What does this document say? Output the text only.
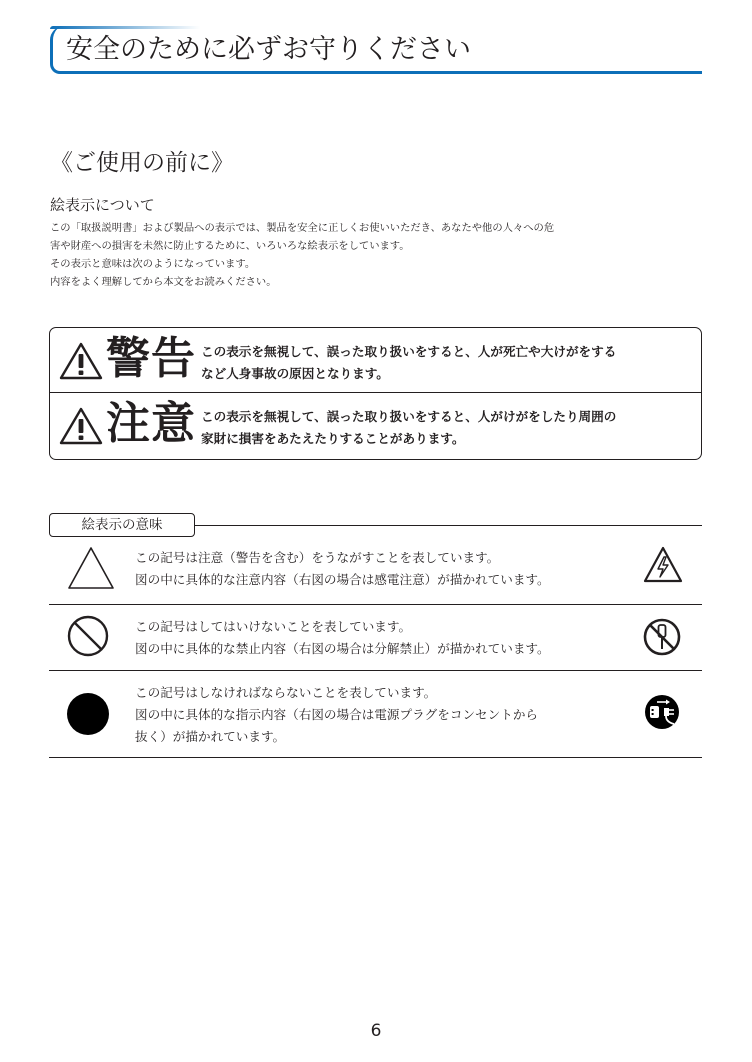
安全のために必ずお守りください
《ご使用の前に》
絵表示について
この「取扱説明書」および製品への表示では、製品を安全に正しくお使いいただき、あなたや他の人々への危
害や財産への損害を未然に防止するために、いろいろな絵表示をしています。
その表示と意味は次のようになっています。
内容をよく理解してから本文をお読みください。
警告 この表示を無視して、誤った取り扱いをすると、人が死亡や大けがをする
など人身事故の原因となります。
注意 この表示を無視して、誤った取り扱いをすると、人がけがをしたり周囲の
家財に損害をあたえたりすることがあります。
絵表示の意味
この記号は注意（警告を含む）をうながすことを表しています。
図の中に具体的な注意内容（右図の場合は感電注意）が描かれています。
この記号はしてはいけないことを表しています。
図の中に具体的な禁止内容（右図の場合は分解禁止）が描かれています。
この記号はしなければならないことを表しています。
図の中に具体的な指示内容（右図の場合は電源プラグをコンセントから
抜く）が描かれています。
6
